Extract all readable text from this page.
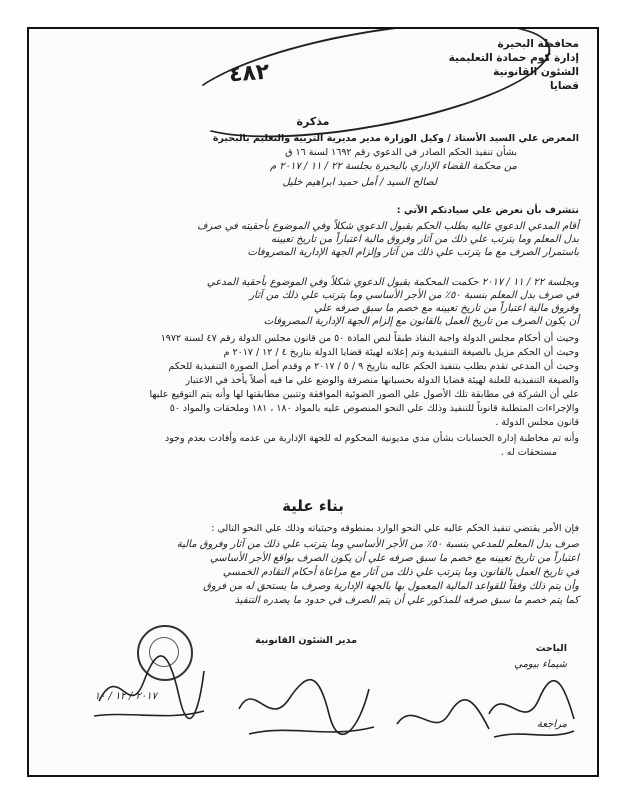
٤٨٢
محافظة البحيرة
إدارة كوم حمادة التعليمية
الشئون القانونية
قضايا
مذكرة
المعرض علي السيد الأستاذ / وكيل الوزارة مدير مديرية التربية والتعليم بالبحيرة
بشأن تنفيذ الحكم الصادر في الدعوي رقم ١٦٩٢ لسنة ١٦ ق
من محكمة القضاء الإداري بالبحيرة بجلسة ٢٢ / ١١ / ٢٠١٧ م
لصالح السيد / أمل حميد ابراهيم خليل
نتشرف بأن نعرض علي سيادتكم الآتي :
أقام المدعي الدعوي عاليه بطلب الحكم بقبول الدعوي شكلاً وفي الموضوع بأحقيته في صرف
بدل المعلم وما يترتب علي ذلك من آثار وفروق مالية اعتباراً من تاريخ تعيينه
باستمرار الصرف مع ما يترتب علي ذلك من آثار وإلزام الجهة الإدارية المصروفات
وبجلسة ٢٢ / ١١ / ٢٠١٧ حكمت المحكمة بقبول الدعوي شكلاً وفي الموضوع بأحقية المدعي
في صرف بدل المعلم بنسبة ٥٠٪ من الأجر الأساسي وما يترتب علي ذلك من آثار
وفروق مالية اعتباراً من تاريخ تعيينه مع خصم ما سبق صرفه علي
أن يكون الصرف من تاريخ العمل بالقانون مع إلزام الجهة الإدارية المصروفات
وحيث أن أحكام مجلس الدولة واجبة النفاذ طبقاً لنص المادة ٥٠ من قانون مجلس الدولة رقم ٤٧ لسنة ١٩٧٢
وحيث أن الحكم مزيل بالصيغة التنفيذية وتم إعلانه لهيئة قضايا الدولة بتاريخ ٤ / ١٢ / ٢٠١٧ م
وحيث أن المدعي تقدم بطلب بتنفيذ الحكم عاليه بتاريخ ٩ / ٥ / ٢٠١٧ م وقدم أصل الصورة التنفيذية للحكم
والصيغة التنفيذية للعلنة لهيئة قضايا الدولة بحسبانها منصرفة والوضع علي ما فيه أصلاً يأخذ في الاعتبار
علي أن الشركة في مطابقة تلك الأصول علي الصور الضوئية الموافقة وتتبين مطابقتها لها وأنه يتم التوقيع عليها
والإجراءات المتطلبة قانوناً للتنفيذ وذلك علي النحو المنصوص عليه بالمواد ١٨٠ ، ١٨١ وملحقات والمواد ٥٠
قانون مجلس الدولة .
وأنه تم مخاطبة إدارة الحسابات بشأن مدي مديونية المحكوم له للجهة الإدارية من عدمه وأفادت بعدم وجود
مستحقات له .
بناء علية
فإن الأمر يقتضي تنفيذ الحكم عاليه علي النحو الوارد بمنطوقه وحيثياته وذلك علي النحو التالي :
صرف بدل المعلم للمدعي بنسبة ٥٠٪ من الأجر الأساسي وما يترتب علي ذلك من آثار وفروق مالية
اعتباراً من تاريخ تعيينه مع خصم ما سبق صرفه علي أن يكون الصرف بواقع الأجر الأساسي
في تاريخ العمل بالقانون وما يترتب علي ذلك من آثار مع مراعاة أحكام التقادم الخمسي
وأن يتم ذلك وفقاً للقواعد المالية المعمول بها بالجهة الإدارية وصرف ما يستحق له من فروق
كما يتم خصم ما سبق صرفه للمذكور علي أن يتم الصرف في حدود ما يصدره التنفيذ
مدير الشئون القانونية
الباحث
شيماء بيومي
٢٠١٧ / ١٢ / ١٠
مراجعة
